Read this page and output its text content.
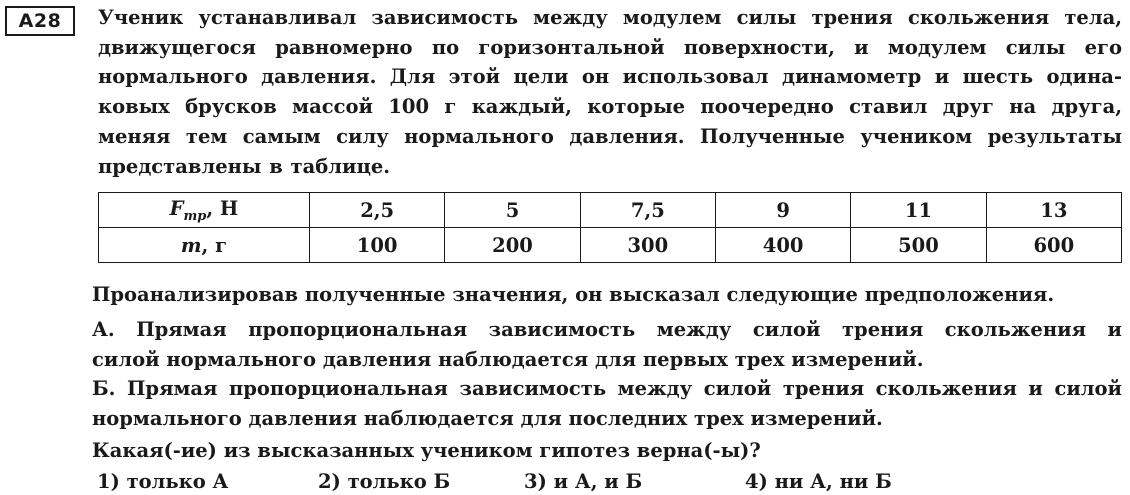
A28	Ученик устанавливал зависимость между модулем силы трения скольжения тела,
движущегося равномерно по горизонтальной поверхности, и модулем силы его
нормального давления. Для этой цели он использовал динамометр и шесть одина-
ковых брусков массой 100 г каждый, которые поочередно ставил друг на друга,
меняя тем самым силу нормального давления. Полученные учеником результаты
представлены в таблице.
$F_{тр}$, Н	2,5	5	7,5	9	11	13
m, г	100	200	300	400	500	600
Проанализировав полученные значения, он высказал следующие предположения.
А. Прямая пропорциональная зависимость между силой трения скольжения и
силой нормального давления наблюдается для первых трех измерений.
Б. Прямая пропорциональная зависимость между силой трения скольжения и силой
нормального давления наблюдается для последних трех измерений.
Какая(-ие) из высказанных учеником гипотез верна(-ы)?
1) только А	2) только Б	3) и А, и Б	4) ни А, ни Б
